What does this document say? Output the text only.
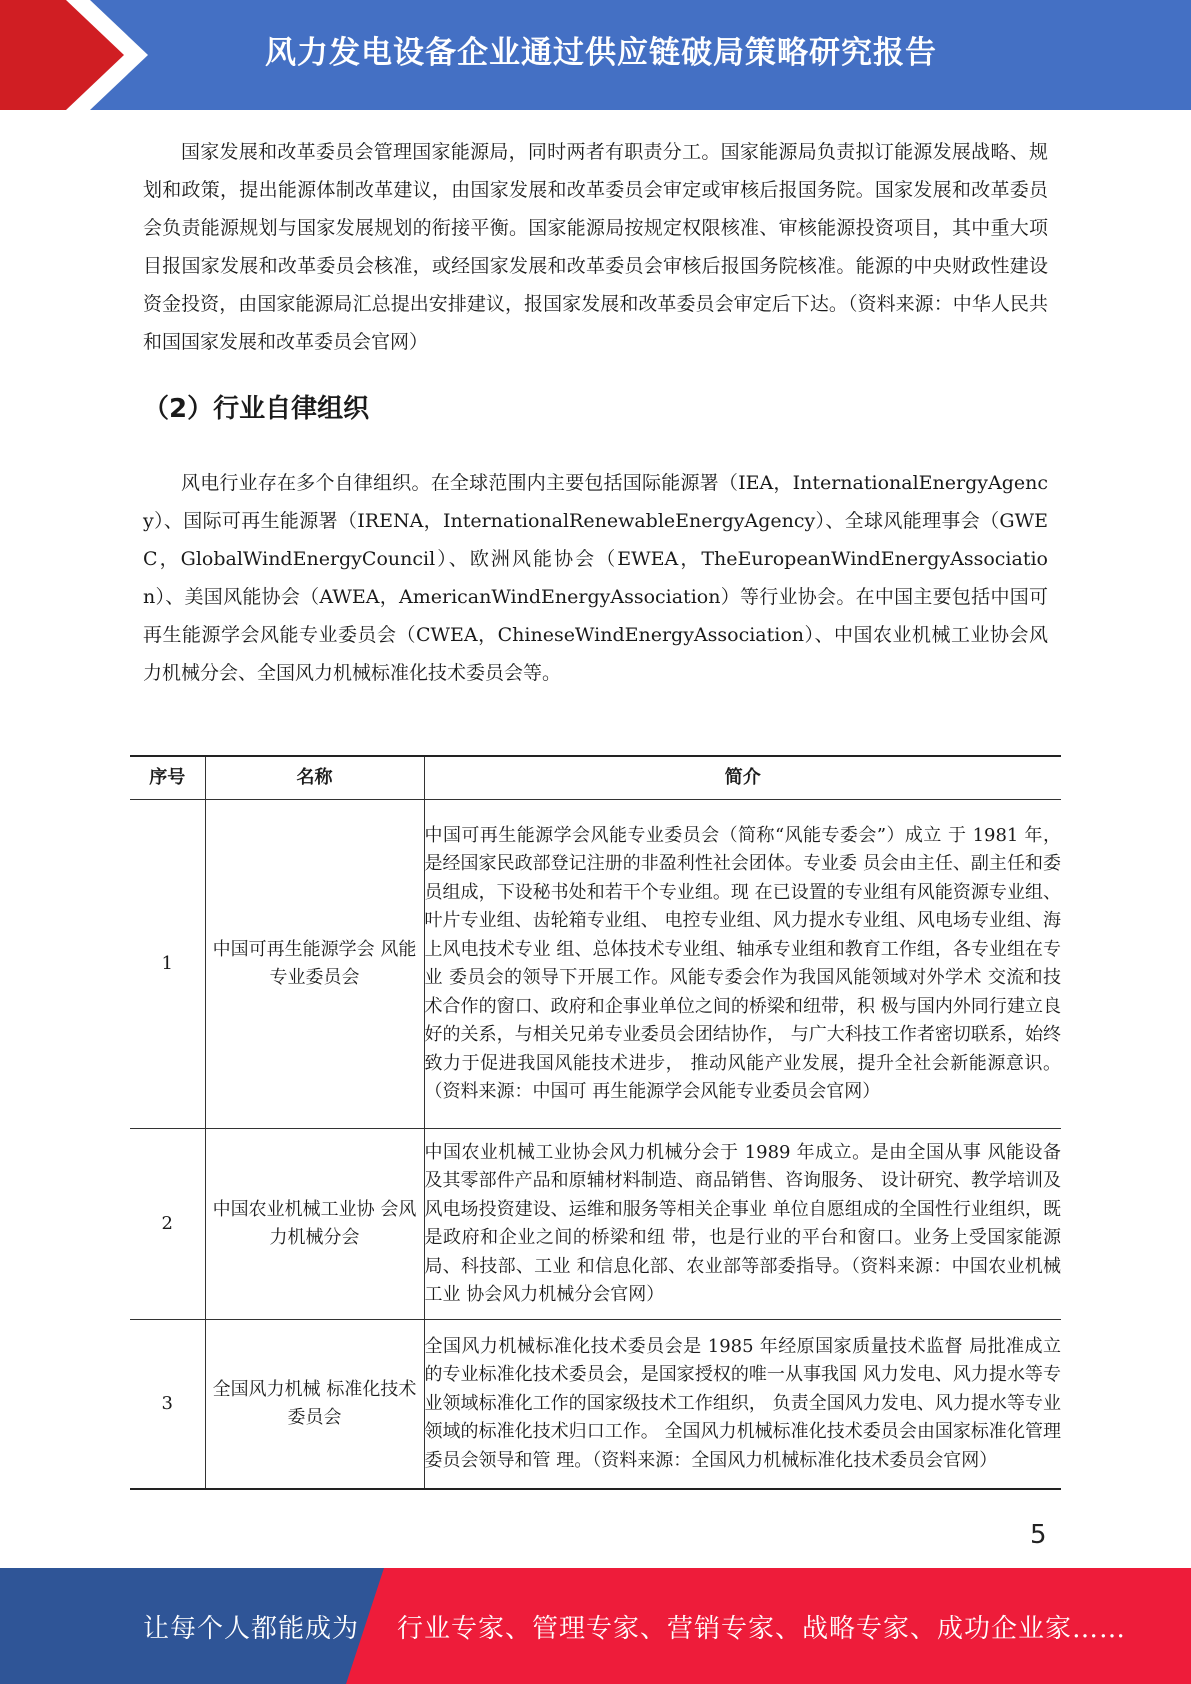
风力发电设备企业通过供应链破局策略研究报告

国家发展和改革委员会管理国家能源局，同时两者有职责分工。国家能源局负责拟订能源发展战略、规划和政策，提出能源体制改革建议，由国家发展和改革委员会审定或审核后报国务院。国家发展和改革委员会负责能源规划与国家发展规划的衔接平衡。国家能源局按规定权限核准、审核能源投资项目，其中重大项目报国家发展和改革委员会核准，或经国家发展和改革委员会审核后报国务院核准。能源的中央财政性建设资金投资，由国家能源局汇总提出安排建议，报国家发展和改革委员会审定后下达。（资料来源：中华人民共和国国家发展和改革委员会官网）

（2）行业自律组织

风电行业存在多个自律组织。在全球范围内主要包括国际能源署（IEA，InternationalEnergyAgency）、国际可再生能源署（IRENA，InternationalRenewableEnergyAgency）、全球风能理事会（GWEC，GlobalWindEnergyCouncil）、欧洲风能协会（EWEA，TheEuropeanWindEnergyAssociation）、美国风能协会（AWEA，AmericanWindEnergyAssociation）等行业协会。在中国主要包括中国可再生能源学会风能专业委员会（CWEA，ChineseWindEnergyAssociation）、中国农业机械工业协会风力机械分会、全国风力机械标准化技术委员会等。

序号	名称	简介
1	中国可再生能源学会 风能专业委员会	中国可再生能源学会风能专业委员会（简称“风能专委会”）成立 于 1981 年，是经国家民政部登记注册的非盈利性社会团体。专业委 员会由主任、副主任和委员组成，下设秘书处和若干个专业组。现 在已设置的专业组有风能资源专业组、叶片专业组、齿轮箱专业组、 电控专业组、风力提水专业组、风电场专业组、海上风电技术专业 组、总体技术专业组、轴承专业组和教育工作组，各专业组在专业 委员会的领导下开展工作。风能专委会作为我国风能领域对外学术 交流和技术合作的窗口、政府和企事业单位之间的桥梁和纽带，积 极与国内外同行建立良好的关系，与相关兄弟专业委员会团结协作， 与广大科技工作者密切联系，始终致力于促进我国风能技术进步， 推动风能产业发展，提升全社会新能源意识。（资料来源：中国可 再生能源学会风能专业委员会官网）
2	中国农业机械工业协 会风力机械分会	中国农业机械工业协会风力机械分会于 1989 年成立。是由全国从事 风能设备及其零部件产品和原辅材料制造、商品销售、咨询服务、 设计研究、教学培训及风电场投资建设、运维和服务等相关企事业 单位自愿组成的全国性行业组织，既是政府和企业之间的桥梁和纽 带，也是行业的平台和窗口。业务上受国家能源局、科技部、工业 和信息化部、农业部等部委指导。（资料来源：中国农业机械工业 协会风力机械分会官网）
3	全国风力机械 标准化技术委员会	全国风力机械标准化技术委员会是 1985 年经原国家质量技术监督 局批准成立的专业标准化技术委员会，是国家授权的唯一从事我国 风力发电、风力提水等专业领域标准化工作的国家级技术工作组织， 负责全国风力发电、风力提水等专业领域的标准化技术归口工作。 全国风力机械标准化技术委员会由国家标准化管理委员会领导和管 理。（资料来源：全国风力机械标准化技术委员会官网）
5
让每个人都能成为 行业专家、管理专家、营销专家、战略专家、成功企业家……
